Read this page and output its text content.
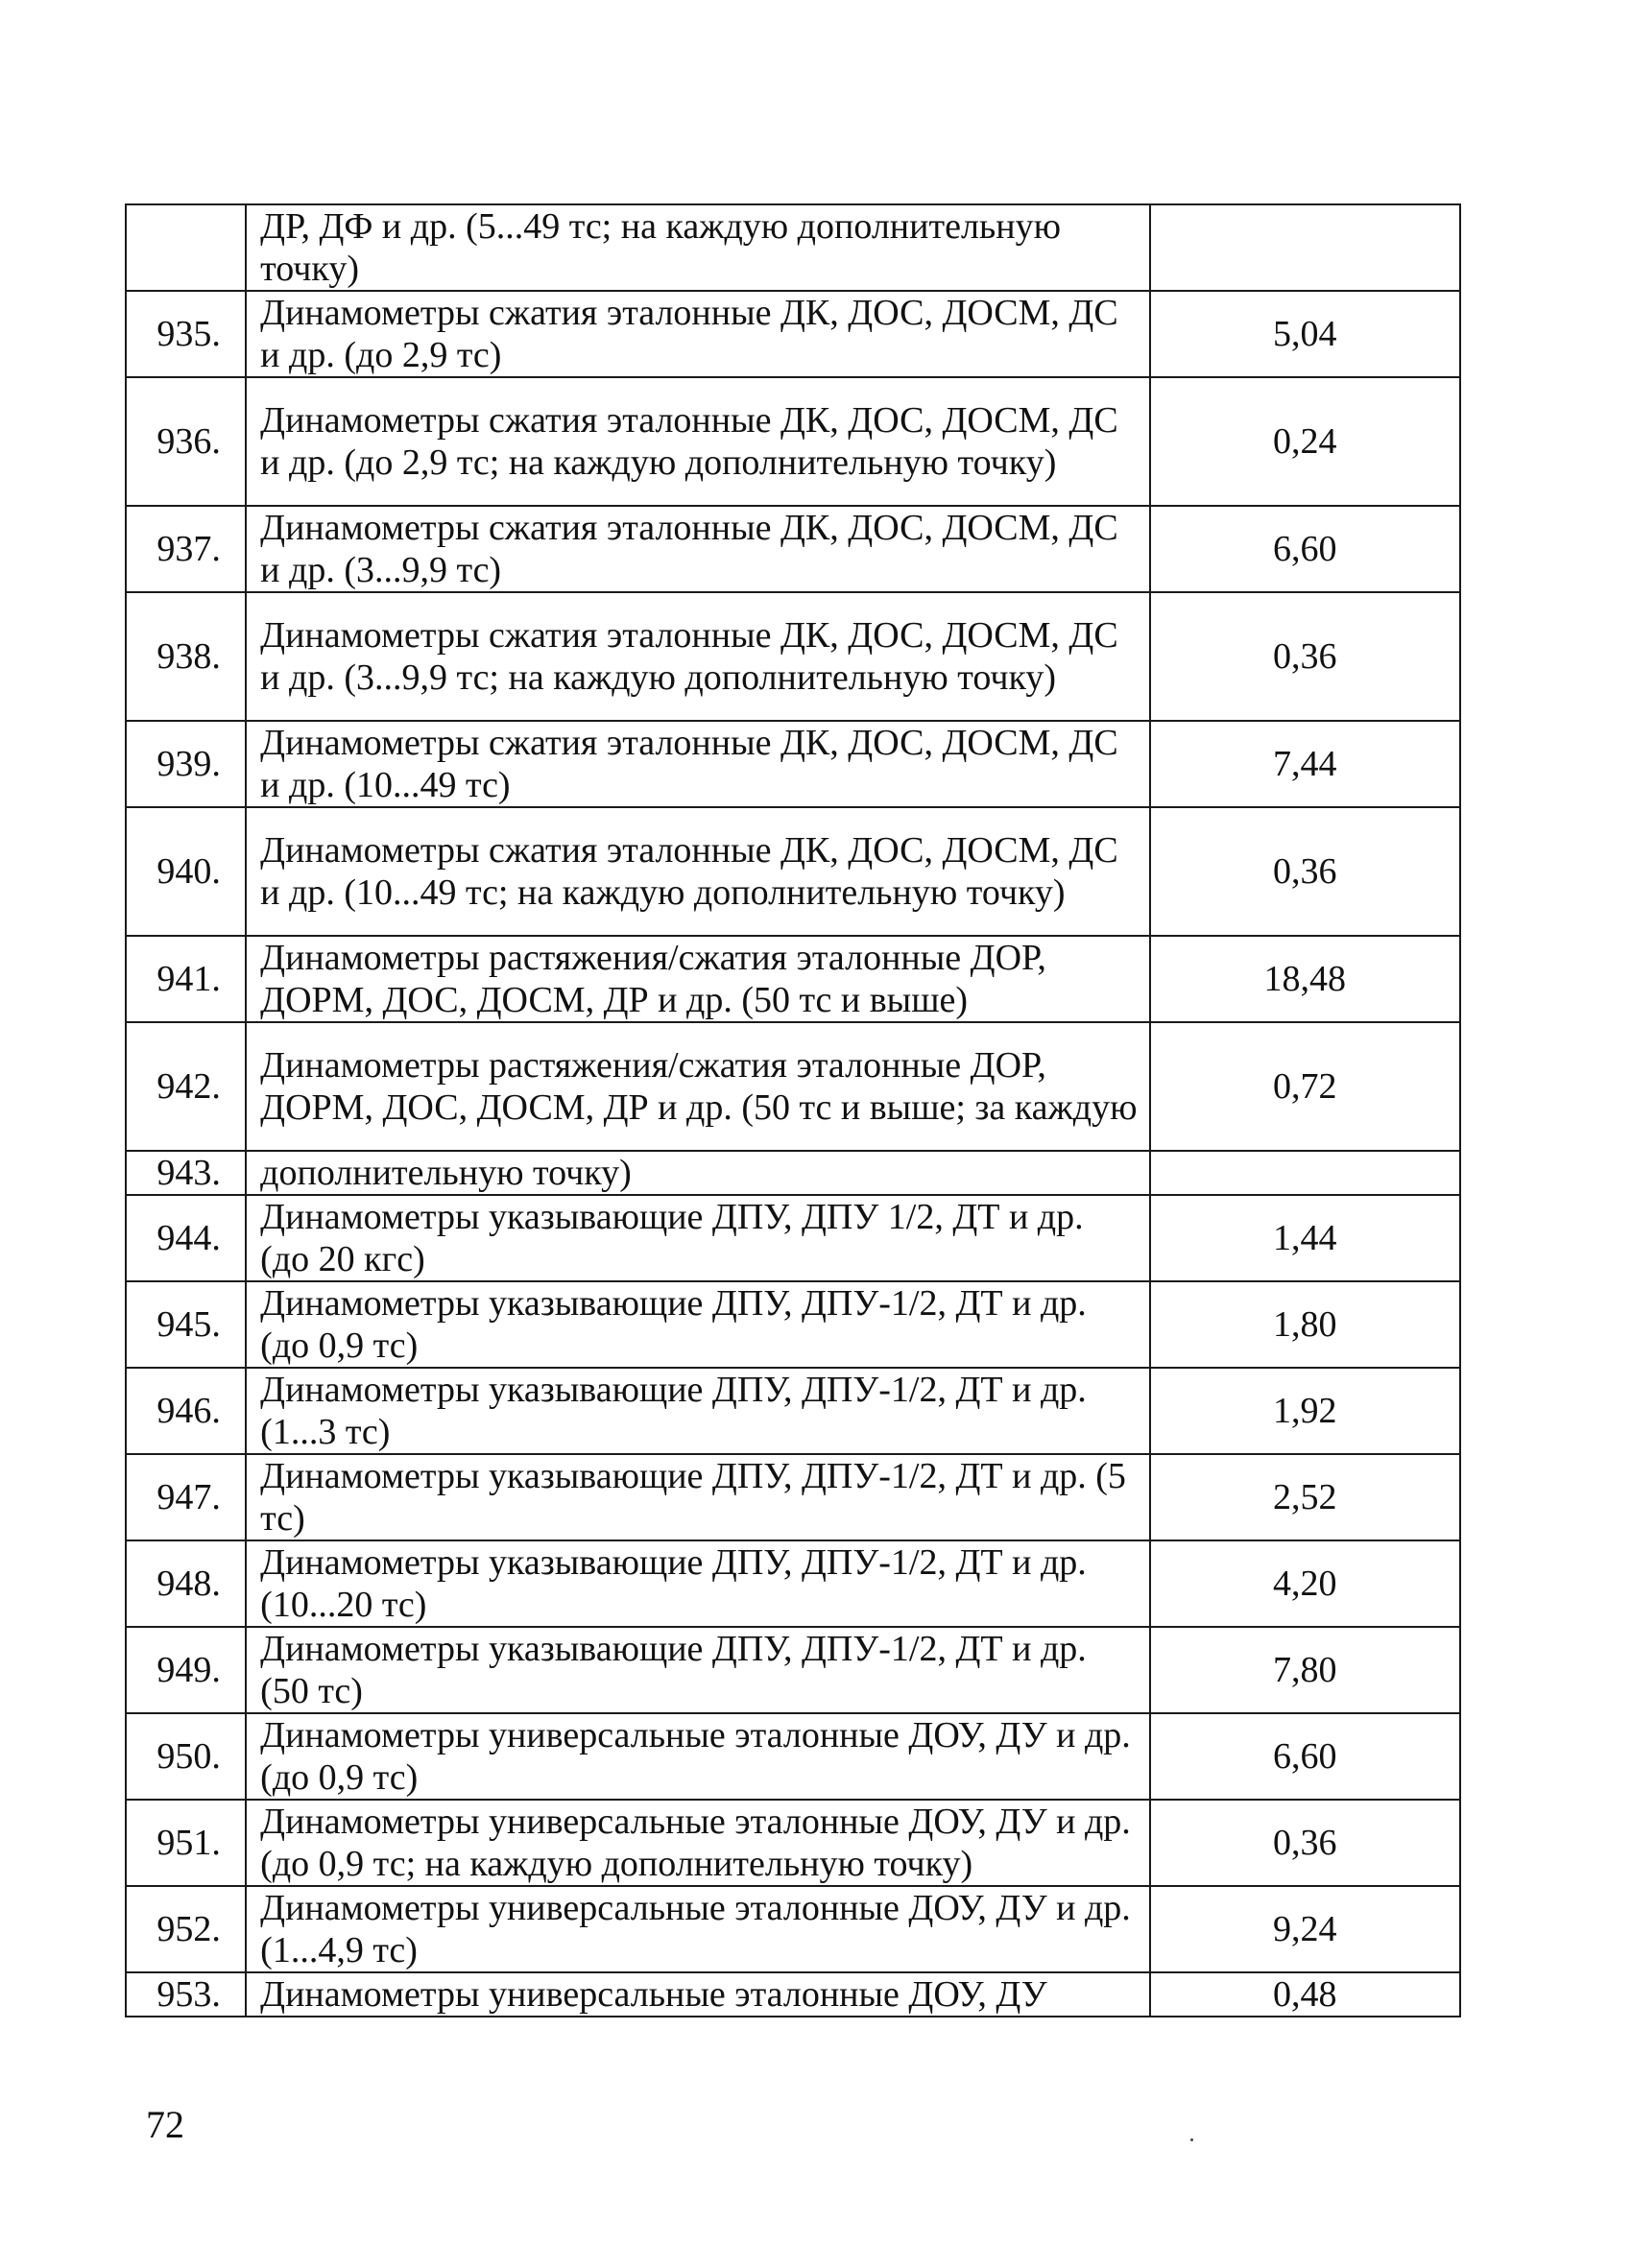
	ДР, ДФ и др. (5...49 тс; на каждую дополнительную точку)	
935.	Динамометры сжатия эталонные ДК, ДОС, ДОСМ, ДС и др. (до 2,9 тс)	5,04
936.	Динамометры сжатия эталонные ДК, ДОС, ДОСМ, ДС и др. (до 2,9 тс; на каждую дополнительную точку)	0,24
937.	Динамометры сжатия эталонные ДК, ДОС, ДОСМ, ДС и др. (3...9,9 тс)	6,60
938.	Динамометры сжатия эталонные ДК, ДОС, ДОСМ, ДС и др. (3...9,9 тс; на каждую дополнительную точку)	0,36
939.	Динамометры сжатия эталонные ДК, ДОС, ДОСМ, ДС и др. (10...49 тс)	7,44
940.	Динамометры сжатия эталонные ДК, ДОС, ДОСМ, ДС и др. (10...49 тс; на каждую дополнительную точку)	0,36
941.	Динамометры растяжения/сжатия эталонные ДОР, ДОРМ, ДОС, ДОСМ, ДР и др. (50 тс и выше)	18,48
942.	Динамометры растяжения/сжатия эталонные ДОР, ДОРМ, ДОС, ДОСМ, ДР и др. (50 тс и выше; за каждую	0,72
943.	дополнительную точку)	
944.	Динамометры указывающие ДПУ, ДПУ 1/2, ДТ и др. (до 20 кгс)	1,44
945.	Динамометры указывающие ДПУ, ДПУ-1/2, ДТ и др. (до 0,9 тс)	1,80
946.	Динамометры указывающие ДПУ, ДПУ-1/2, ДТ и др. (1...3 тс)	1,92
947.	Динамометры указывающие ДПУ, ДПУ-1/2, ДТ и др. (5 тс)	2,52
948.	Динамометры указывающие ДПУ, ДПУ-1/2, ДТ и др. (10...20 тс)	4,20
949.	Динамометры указывающие ДПУ, ДПУ-1/2, ДТ и др. (50 тс)	7,80
950.	Динамометры универсальные эталонные ДОУ, ДУ и др. (до 0,9 тс)	6,60
951.	Динамометры универсальные эталонные ДОУ, ДУ и др. (до 0,9 тс; на каждую дополнительную точку)	0,36
952.	Динамометры универсальные эталонные ДОУ, ДУ и др. (1...4,9 тс)	9,24
953.	Динамометры универсальные эталонные ДОУ, ДУ	0,48
72
